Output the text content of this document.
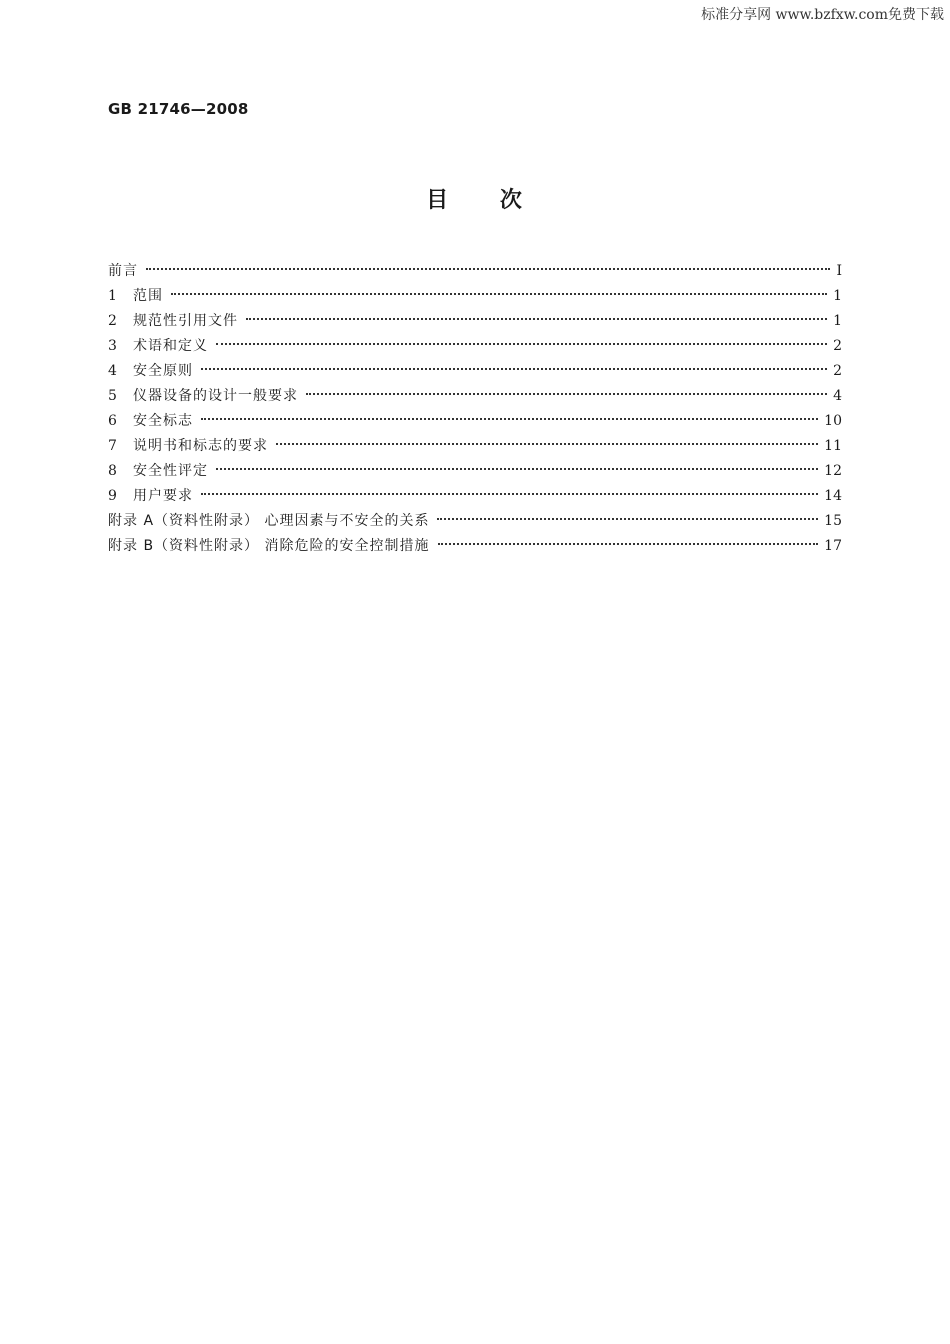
标准分享网 www.bzfxw.com免费下载
GB 21746—2008
目 次
前言	Ⅰ
1	范围	1
2	规范性引用文件	1
3	术语和定义	2
4	安全原则	2
5	仪器设备的设计一般要求	4
6	安全标志	10
7	说明书和标志的要求	11
8	安全性评定	12
9	用户要求	14
附录 A（资料性附录） 心理因素与不安全的关系	15
附录 B（资料性附录） 消除危险的安全控制措施	17
